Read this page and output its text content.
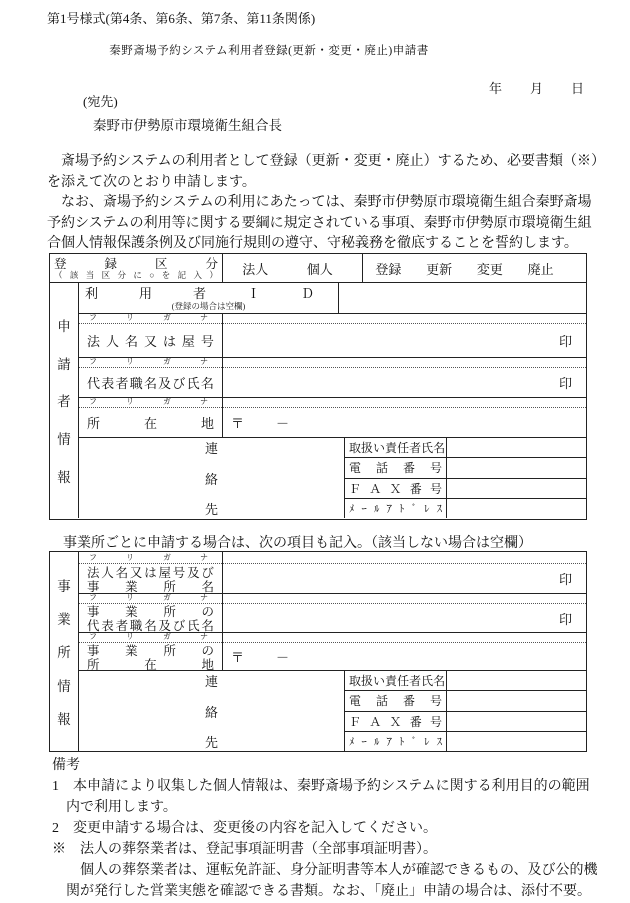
第1号様式(第4条、第6条、第7条、第11条関係)
秦野斎場予約システム利用者登録(更新・変更・廃止)申請書
年 月 日
(宛先)
秦野市伊勢原市環境衛生組合長
　斎場予約システムの利用者として登録（更新・変更・廃止）するため、必要書類（※）
を添えて次のとおり申請します。
　なお、斎場予約システムの利用にあたっては、秦野市伊勢原市環境衛生組合秦野斎場
予約システムの利用等に関する要綱に規定されている事項、秦野市伊勢原市環境衛生組
合個人情報保護条例及び同施行規則の遵守、守秘義務を徹底することを誓約します。
登	録	区	分
（ 該 当 区 分 に ○ を 記 入 ） 法人	個人	登録 更新 変更 廃止
申
請
者
情
報
利	用	者	Ｉ	Ｄ
(登録の場合は空欄)
フ	リ	ガ	ナ
法 人 名 又 は 屋 号	印
フ	リ	ガ	ナ
代 表 者 職 名 及 び 氏 名	印
フ	リ	ガ	ナ
所	在	地 〒　　－
連
絡
先
取 扱 い 責 任 者 氏 名
電 話 番 号
Ｆ Ａ Ｘ 番 号
ﾒ ｰ ﾙ ｱ ﾄ ﾞ ﾚ ｽ
　事業所ごとに申請する場合は、次の項目も記入。（該当しない場合は空欄）
事
業
所
情
報
フ	リ	ガ	ナ
法 人 名 又 は 屋 号 及 び
事 業 所 名	印
フ	リ	ガ	ナ
事 業 所 の
代 表 者 職 名 及 び 氏 名	印
フ	リ	ガ	ナ
事 業 所 の
所	在	地 〒　　－
連
絡
先
取 扱 い 責 任 者 氏 名
電 話 番 号
Ｆ Ａ Ｘ 番 号
ﾒ ｰ ﾙ ｱ ﾄ ﾞ ﾚ ｽ
備考
1　本申請により収集した個人情報は、秦野斎場予約システムに関する利用目的の範囲
　内で利用します。
2　変更申請する場合は、変更後の内容を記入してください。
※　法人の葬祭業者は、登記事項証明書（全部事項証明書）。
　　個人の葬祭業者は、運転免許証、身分証明書等本人が確認できるもの、及び公的機
　関が発行した営業実態を確認できる書類。なお、「廃止」申請の場合は、添付不要。
